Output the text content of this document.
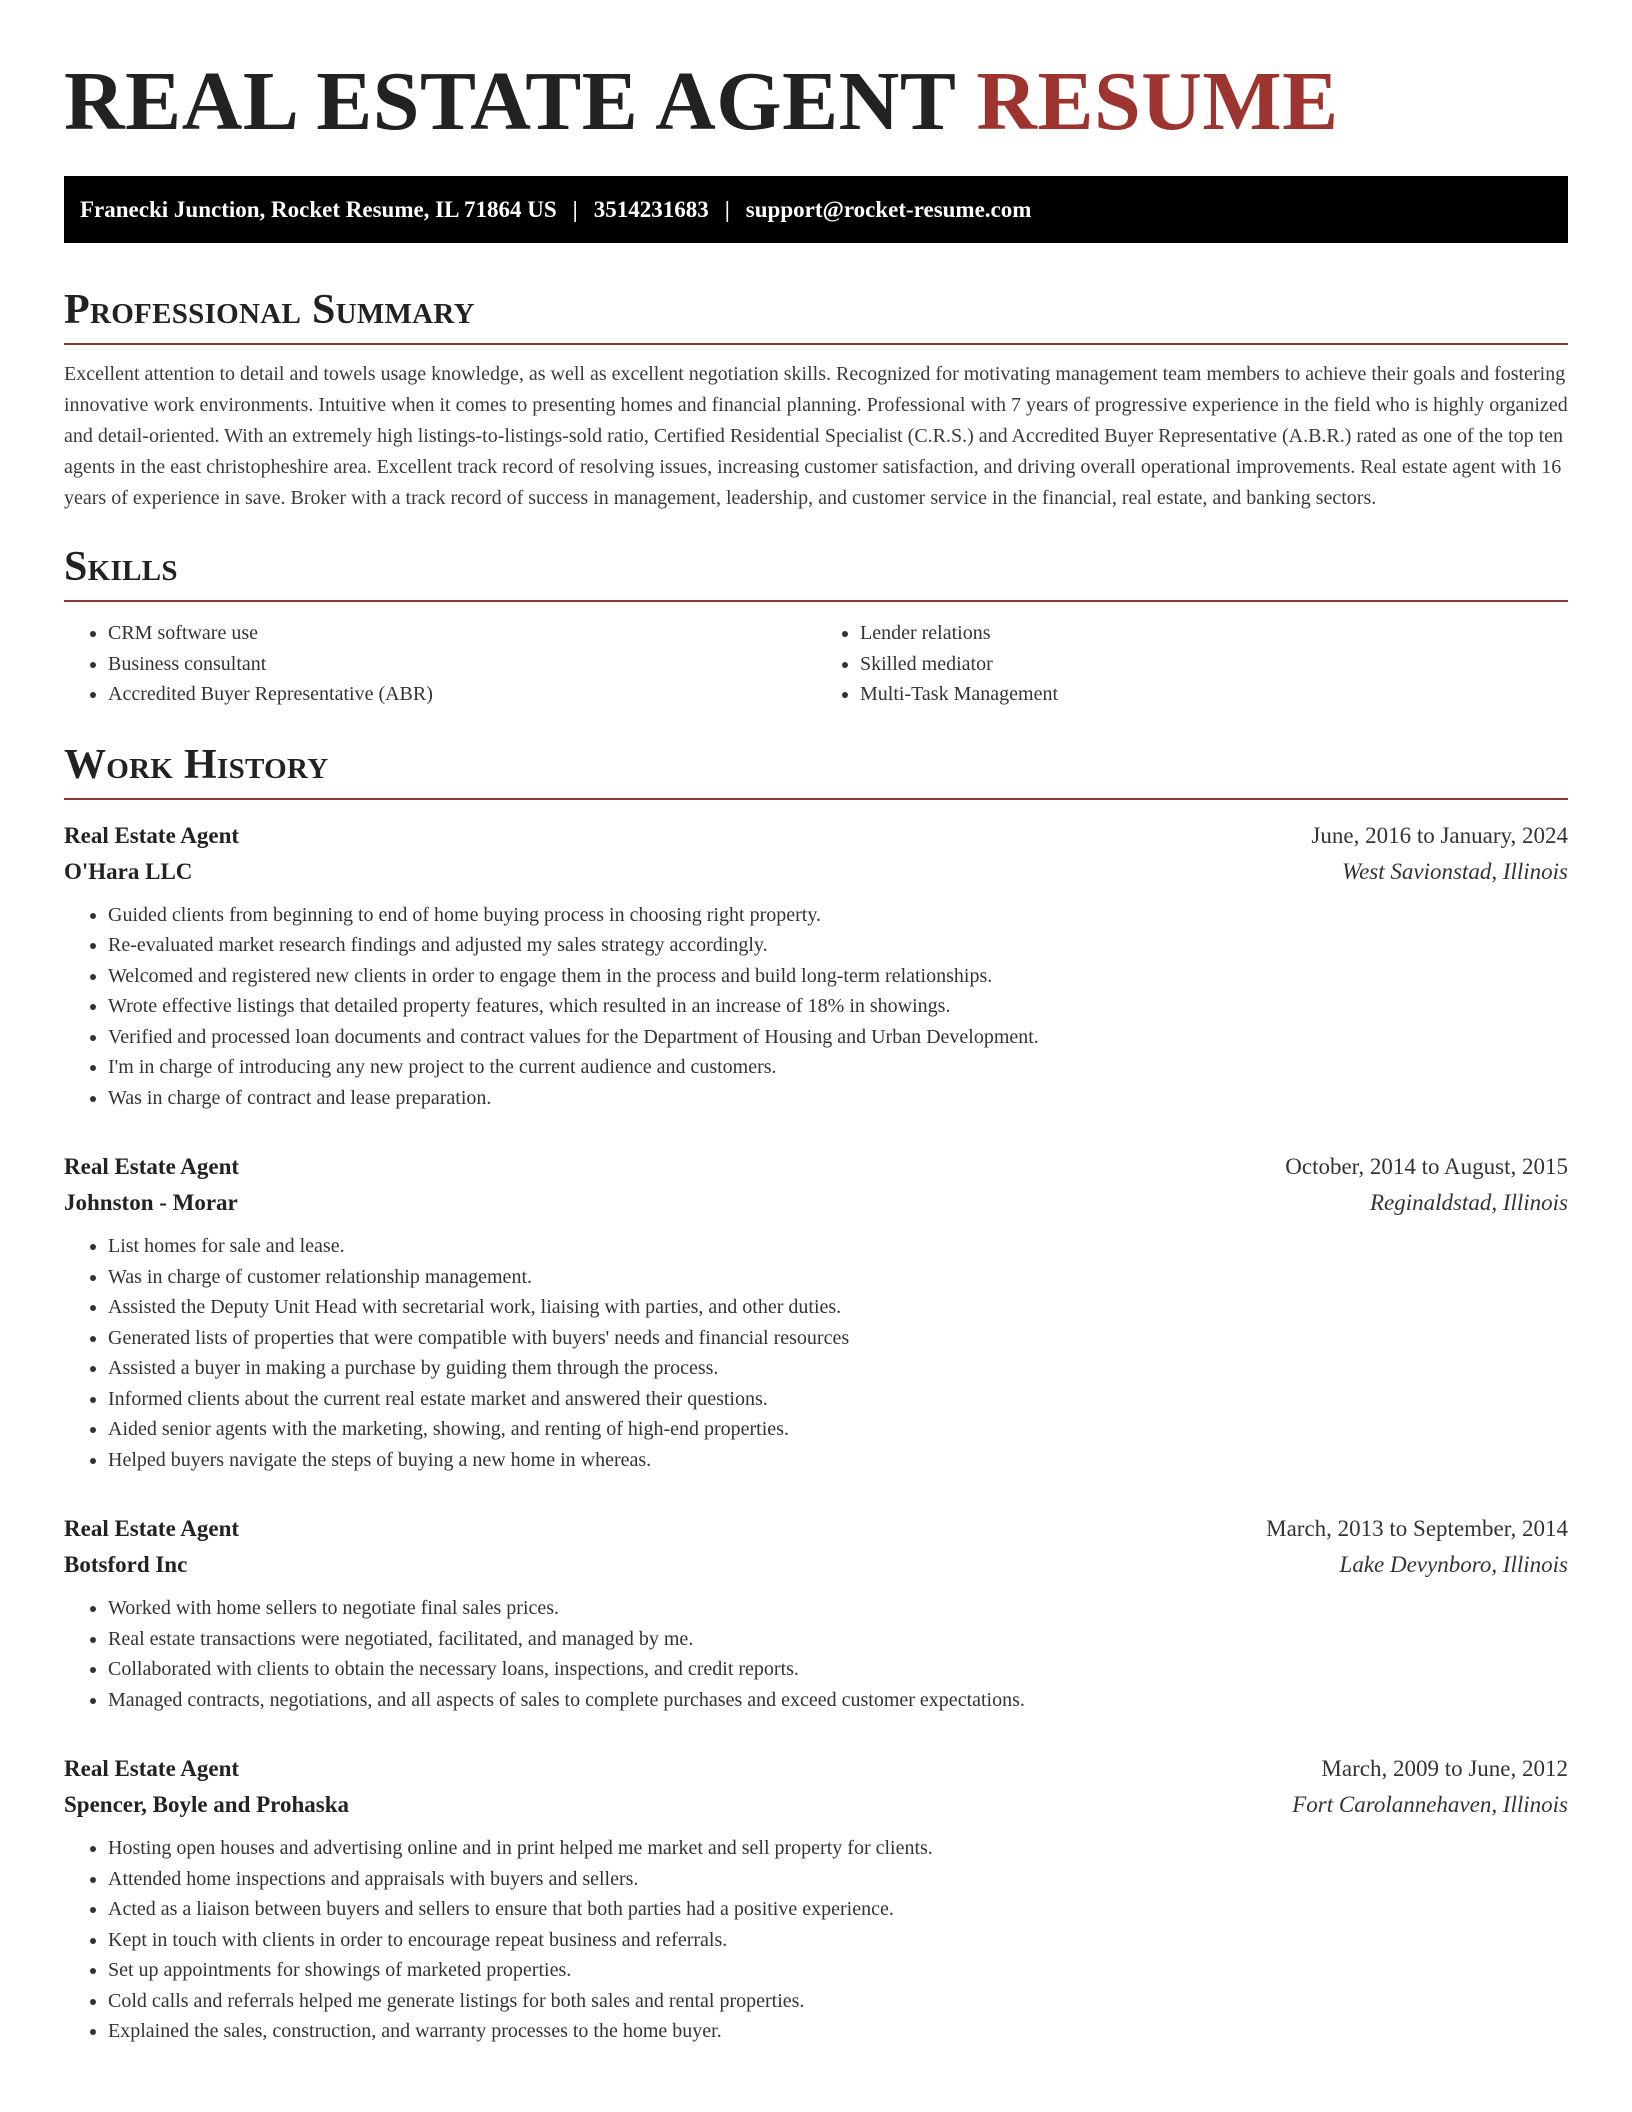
REAL ESTATE AGENT RESUME
Franecki Junction, Rocket Resume, IL 71864 US | 3514231683 | support@rocket-resume.com
Professional Summary

Excellent attention to detail and towels usage knowledge, as well as excellent negotiation skills. Recognized for motivating management team members to achieve their goals and fostering innovative work environments. Intuitive when it comes to presenting homes and financial planning. Professional with 7 years of progressive experience in the field who is highly organized and detail-oriented. With an extremely high listings-to-listings-sold ratio, Certified Residential Specialist (C.R.S.) and Accredited Buyer Representative (A.B.R.) rated as one of the top ten agents in the east christopheshire area. Excellent track record of resolving issues, increasing customer satisfaction, and driving overall operational improvements. Real estate agent with 16 years of experience in save. Broker with a track record of success in management, leadership, and customer service in the financial, real estate, and banking sectors.

Skills
• CRM software use
• Business consultant
• Accredited Buyer Representative (ABR)
• Lender relations
• Skilled mediator
• Multi-Task Management
Work History
Real Estate Agent	June, 2016 to January, 2024
O'Hara LLC	West Savionstad, Illinois
• Guided clients from beginning to end of home buying process in choosing right property.
• Re-evaluated market research findings and adjusted my sales strategy accordingly.
• Welcomed and registered new clients in order to engage them in the process and build long-term relationships.
• Wrote effective listings that detailed property features, which resulted in an increase of 18% in showings.
• Verified and processed loan documents and contract values for the Department of Housing and Urban Development.
• I'm in charge of introducing any new project to the current audience and customers.
• Was in charge of contract and lease preparation.
Real Estate Agent	October, 2014 to August, 2015
Johnston - Morar	Reginaldstad, Illinois
• List homes for sale and lease.
• Was in charge of customer relationship management.
• Assisted the Deputy Unit Head with secretarial work, liaising with parties, and other duties.
• Generated lists of properties that were compatible with buyers' needs and financial resources
• Assisted a buyer in making a purchase by guiding them through the process.
• Informed clients about the current real estate market and answered their questions.
• Aided senior agents with the marketing, showing, and renting of high-end properties.
• Helped buyers navigate the steps of buying a new home in whereas.
Real Estate Agent	March, 2013 to September, 2014
Botsford Inc	Lake Devynboro, Illinois
• Worked with home sellers to negotiate final sales prices.
• Real estate transactions were negotiated, facilitated, and managed by me.
• Collaborated with clients to obtain the necessary loans, inspections, and credit reports.
• Managed contracts, negotiations, and all aspects of sales to complete purchases and exceed customer expectations.
Real Estate Agent	March, 2009 to June, 2012
Spencer, Boyle and Prohaska	Fort Carolannehaven, Illinois
• Hosting open houses and advertising online and in print helped me market and sell property for clients.
• Attended home inspections and appraisals with buyers and sellers.
• Acted as a liaison between buyers and sellers to ensure that both parties had a positive experience.
• Kept in touch with clients in order to encourage repeat business and referrals.
• Set up appointments for showings of marketed properties.
• Cold calls and referrals helped me generate listings for both sales and rental properties.
• Explained the sales, construction, and warranty processes to the home buyer.
